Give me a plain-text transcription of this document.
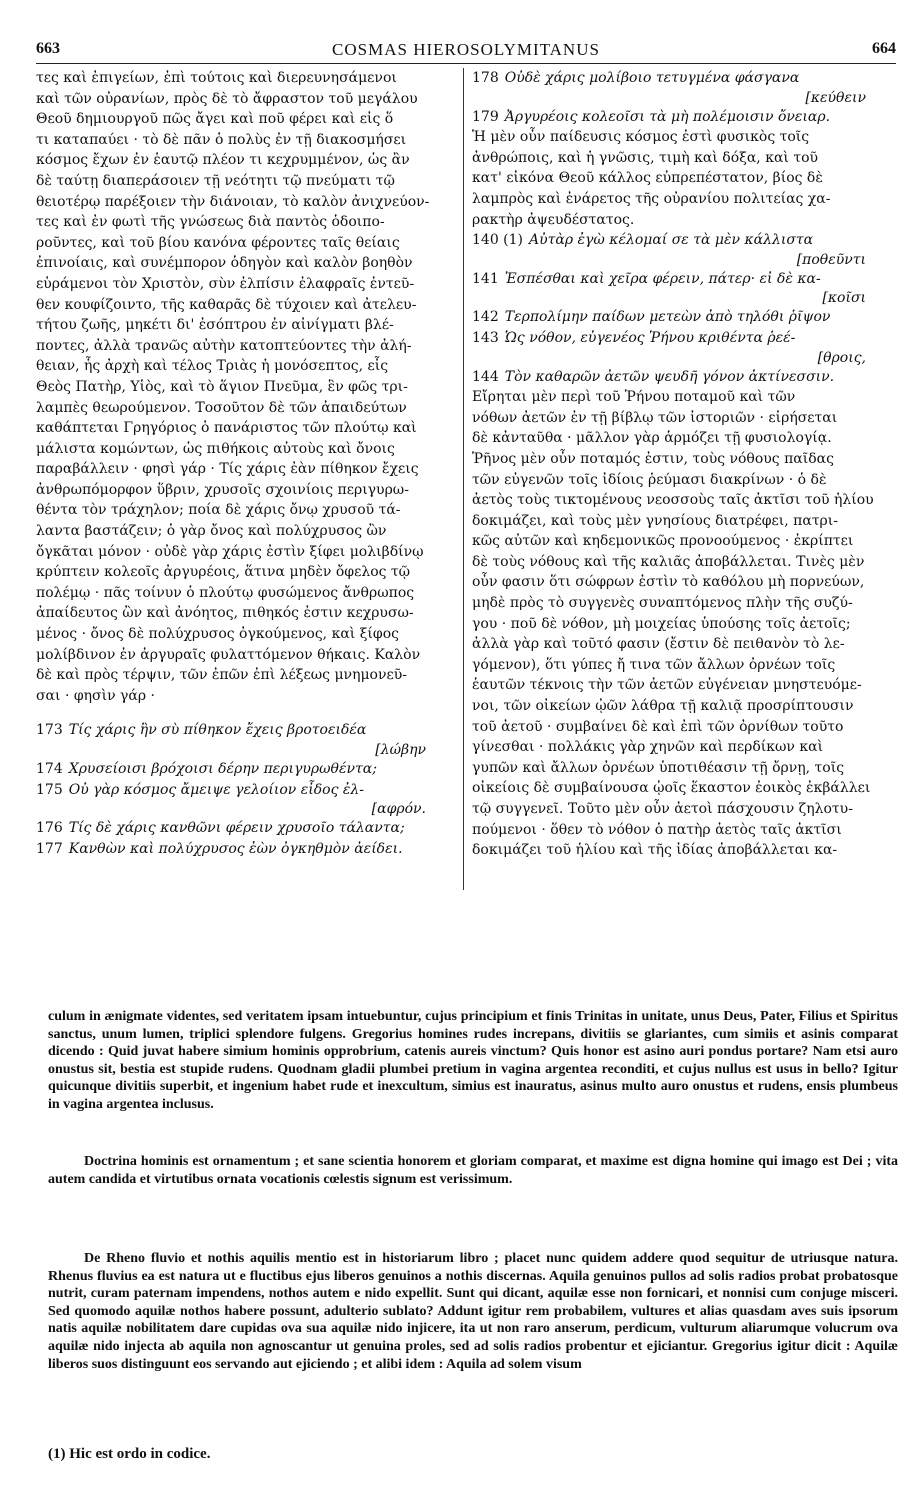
663	COSMAS HIEROSOLYMITANUS	664
τες καὶ ἐπιγείων, ἐπὶ τούτοις καὶ διερευνησάμενοι
καὶ τῶν οὐρανίων, πρὸς δὲ τὸ ἄφραστον τοῦ μεγάλου
Θεοῦ δημιουργοῦ πῶς ἄγει καὶ ποῦ φέρει καὶ εἰς ὅ
τι καταπαύει · τὸ δὲ πᾶν ὁ πολὺς ἐν τῇ διακοσμήσει
κόσμος ἔχων ἐν ἑαυτῷ πλέον τι κεχρυμμένον, ὡς ἂν
δὲ ταύτῃ διαπεράσοιεν τῇ νεότητι τῷ πνεύματι τῷ
θειοτέρῳ παρέξοιεν τὴν διάνοιαν, τὸ καλὸν ἀνιχνεύον-
τες καὶ ἐν φωτὶ τῆς γνώσεως διὰ παντὸς ὁδοιπο-
ροῦντες, καὶ τοῦ βίου κανόνα φέροντες ταῖς θείαις
ἐπινοίαις, καὶ συνέμπορον ὁδηγὸν καὶ καλὸν βοηθὸν
εὑράμενοι τὸν Χριστὸν, σὺν ἐλπίσιν ἐλαφραῖς ἐντεῦ-
θεν κουφίζοιντο, τῆς καθαρᾶς δὲ τύχοιεν καὶ ἀτελευ-
τήτου ζωῆς, μηκέτι δι' ἐσόπτρου ἐν αἰνίγματι βλέ-
ποντες, ἀλλὰ τρανῶς αὐτὴν κατοπτεύοντες τὴν ἀλή-
θειαν, ἧς ἀρχὴ καὶ τέλος Τριὰς ἡ μονόσεπτος, εἷς
Θεὸς Πατὴρ, Υἱὸς, καὶ τὸ ἅγιον Πνεῦμα, ἓν φῶς τρι-
λαμπὲς θεωρούμενον. Τοσοῦτον δὲ τῶν ἀπαιδεύτων
καθάπτεται Γρηγόριος ὁ πανάριστος τῶν πλούτῳ καὶ
μάλιστα κομώντων, ὡς πιθήκοις αὐτοὺς καὶ ὄνοις
παραβάλλειν · φησὶ γάρ · Τίς χάρις ἐὰν πίθηκον ἔχεις
ἀνθρωπόμορφον ὕβριν, χρυσοῖς σχοινίοις περιγυρω-
θέντα τὸν τράχηλον; ποία δὲ χάρις ὄνῳ χρυσοῦ τά-
λαντα βαστάζειν; ὁ γὰρ ὄνος καὶ πολύχρυσος ὢν
ὄγκᾶται μόνον · οὐδὲ γὰρ χάρις ἐστὶν ξίφει μολιβδίνῳ
κρύπτειν κολεοῖς ἀργυρέοις, ἅτινα μηδὲν ὄφελος τῷ
πολέμῳ · πᾶς τοίνυν ὁ πλούτῳ φυσώμενος ἄνθρωπος
ἀπαίδευτος ὢν καὶ ἀνόητος, πιθηκός ἐστιν κεχρυσω-
μένος · ὄνος δὲ πολύχρυσος ὀγκούμενος, καὶ ξίφος
μολίβδινον ἐν ἀργυραῖς φυλαττόμενον θήκαις. Καλὸν
δὲ καὶ πρὸς τέρψιν, τῶν ἐπῶν ἐπὶ λέξεως μνημονεῦ-
σαι · φησὶν γάρ ·
173 Τίς χάρις ἣν σὺ πίθηκον ἔχεις βροτοειδέα
[λώβην
174 Χρυσείοισι βρόχοισι δέρην περιγυρωθέντα;
175 Οὐ γὰρ κόσμος ἄμειψε γελοίιον εἶδος ἐλ-
[αφρόν.
176 Τίς δὲ χάρις κανθῶνι φέρειν χρυσοῖο τάλαντα;
177 Κανθὼν καὶ πολύχρυσος ἐὼν ὀγκηθμὸν ἀείδει.
178 Οὐδὲ χάρις μολίβοιο τετυγμένα φάσγανα
[κεύθειν
179 Ἀργυρέοις κολεοῖσι τὰ μὴ πολέμοισιν ὄνειαρ.
Ἡ μὲν οὖν παίδευσις κόσμος ἐστὶ φυσικὸς τοῖς
ἀνθρώποις, καὶ ἡ γνῶσις, τιμὴ καὶ δόξα, καὶ τοῦ
κατ' εἰκόνα Θεοῦ κάλλος εὐπρεπέστατον, βίος δὲ
λαμπρὸς καὶ ἐνάρετος τῆς οὐρανίου πολιτείας χα-
ρακτὴρ ἀψευδέστατος.
140 (1) Αὐτὰρ ἐγὼ κέλομαί σε τὰ μὲν κάλλιστα
[ποθεῦντι
141 Ἐσπέσθαι καὶ χεῖρα φέρειν, πάτερ· εἰ δὲ κα-
[κοῖσι
142 Τερπολίμην παίδων μετεὼν ἀπὸ τηλόθι ῥῖψον
143 Ὡς νόθον, εὐγενέος Ῥήνου κριθέντα ῥεέ-
[θροις,
144 Τὸν καθαρῶν ἀετῶν ψευδῆ γόνον ἀκτίνεσσιν.
Εἴρηται μὲν περὶ τοῦ Ῥήνου ποταμοῦ καὶ τῶν
νόθων ἀετῶν ἐν τῇ βίβλῳ τῶν ἱστοριῶν · εἰρήσεται
δὲ κἀνταῦθα · μᾶλλον γὰρ ἁρμόζει τῇ φυσιολογίᾳ.
Ῥῆνος μὲν οὖν ποταμός ἐστιν, τοὺς νόθους παῖδας
τῶν εὐγενῶν τοῖς ἰδίοις ῥεύμασι διακρίνων · ὁ δὲ
ἀετὸς τοὺς τικτομένους νεοσσοὺς ταῖς ἀκτῖσι τοῦ ἡλίου
δοκιμάζει, καὶ τοὺς μὲν γνησίους διατρέφει, πατρι-
κῶς αὐτῶν καὶ κηδεμονικῶς προνοούμενος · ἐκρίπτει
δὲ τοὺς νόθους καὶ τῆς καλιᾶς ἀποβάλλεται. Τινὲς μὲν
οὖν φασιν ὅτι σώφρων ἐστὶν τὸ καθόλου μὴ πορνεύων,
μηδὲ πρὸς τὸ συγγενὲς συναπτόμενος πλὴν τῆς συζύ-
γου · ποῦ δὲ νόθον, μὴ μοιχείας ὑπούσης τοῖς ἀετοῖς;
ἀλλὰ γὰρ καὶ τοῦτό φασιν (ἔστιν δὲ πειθανὸν τὸ λε-
γόμενον), ὅτι γύπες ἤ τινα τῶν ἄλλων ὀρνέων τοῖς
ἑαυτῶν τέκνοις τὴν τῶν ἀετῶν εὐγένειαν μνηστευόμε-
νοι, τῶν οἰκείων ᾠῶν λάθρα τῇ καλιᾷ προσρίπτουσιν
τοῦ ἀετοῦ · συμβαίνει δὲ καὶ ἐπὶ τῶν ὀρνίθων τοῦτο
γίνεσθαι · πολλάκις γὰρ χηνῶν καὶ περδίκων καὶ
γυπῶν καὶ ἄλλων ὀρνέων ὑποτιθέασιν τῇ ὄρνῃ, τοῖς
οἰκείοις δὲ συμβαίνουσα ᾠοῖς ἕκαστον ἐοικὸς ἐκβάλλει
τῷ συγγενεῖ. Τοῦτο μὲν οὖν ἀετοὶ πάσχουσιν ζηλοτυ-
πούμενοι · ὅθεν τὸ νόθον ὁ πατὴρ ἀετὸς ταῖς ἀκτῖσι
δοκιμάζει τοῦ ἡλίου καὶ τῆς ἰδίας ἀποβάλλεται κα-

culum in ænigmate videntes, sed veritatem ipsam intuebuntur, cujus principium et finis Trinitas in unitate, unus Deus, Pater, Filius et Spiritus sanctus, unum lumen, triplici splendore fulgens. Gregorius homines rudes increpans, divitiis se glariantes, cum simiis et asinis comparat dicendo : Quid juvat habere simium hominis opprobrium, catenis aureis vinctum? Quis honor est asino auri pondus portare? Nam etsi auro onustus sit, bestia est stupide rudens. Quodnam gladii plumbei pretium in vagina argentea reconditi, et cujus nullus est usus in bello? Igitur quicunque divitiis superbit, et ingenium habet rude et inexcultum, simius est inauratus, asinus multo auro onustus et rudens, ensis plumbeus in vagina argentea inclusus.

Doctrina hominis est ornamentum ; et sane scientia honorem et gloriam comparat, et maxime est digna homine qui imago est Dei ; vita autem candida et virtutibus ornata vocationis cœlestis signum est verissimum.

De Rheno fluvio et nothis aquilis mentio est in historiarum libro ; placet nunc quidem addere quod sequitur de utriusque natura. Rhenus fluvius ea est natura ut e fluctibus ejus liberos genuinos a nothis discernas. Aquila genuinos pullos ad solis radios probat probatosque nutrit, curam paternam impendens, nothos autem e nido expellit. Sunt qui dicant, aquilæ esse non fornicari, et nonnisi cum conjuge misceri. Sed quomodo aquilæ nothos habere possunt, adulterio sublato? Addunt igitur rem probabilem, vultures et alias quasdam aves suis ipsorum natis aquilæ nobilitatem dare cupidas ova sua aquilæ nido injicere, ita ut non raro anserum, perdicum, vulturum aliarumque volucrum ova aquilæ nido injecta ab aquila non agnoscantur ut genuina proles, sed ad solis radios probentur et ejiciantur. Gregorius igitur dicit : Aquilæ liberos suos distinguunt eos servando aut ejiciendo ; et alibi idem : Aquila ad solem visum

(1) Hic est ordo in codice.
